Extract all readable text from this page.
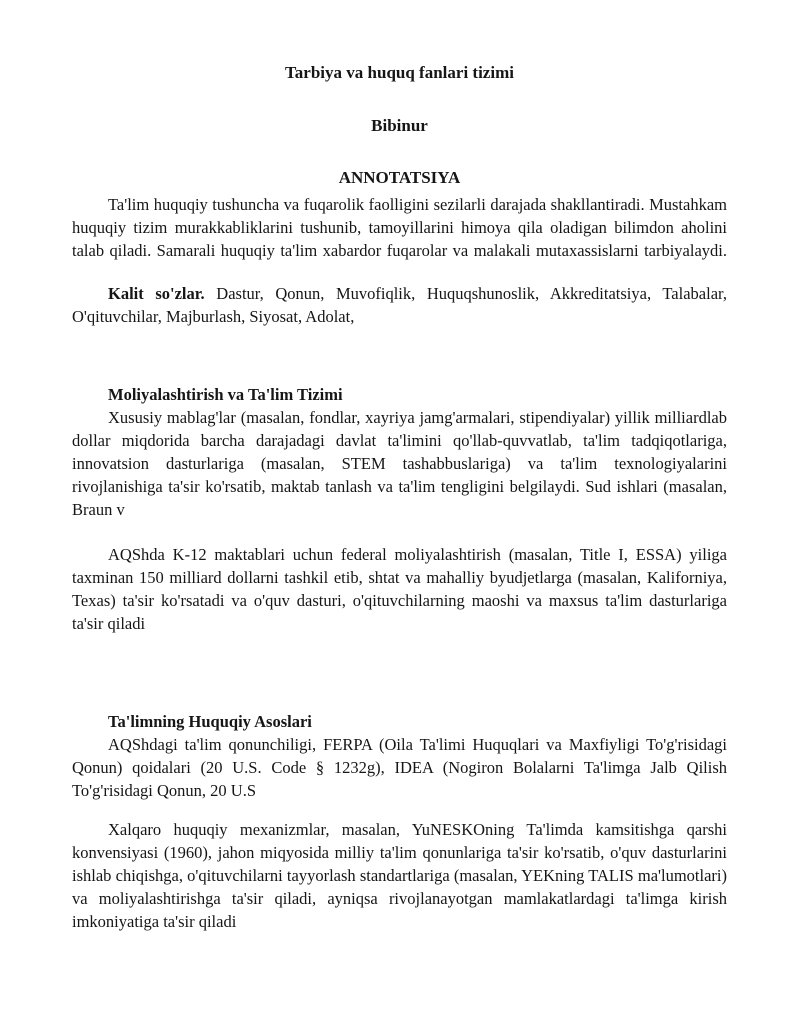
Tarbiya va huquq fanlari tizimi

Bibinur

ANNOTATSIYA

Ta'lim huquqiy tushuncha va fuqarolik faolligini sezilarli darajada shakllantiradi. Mustahkam huquqiy tizim murakkabliklarini tushunib, tamoyillarini himoya qila oladigan bilimdon aholini talab qiladi. Samarali huquqiy ta'lim xabardor fuqarolar va malakali mutaxassislarni tarbiyalaydi.

Kalit so'zlar. Dastur, Qonun, Muvofiqlik, Huquqshunoslik, Akkreditatsiya, Talabalar, O'qituvchilar, Majburlash, Siyosat, Adolat,

Moliyalashtirish va Ta'lim Tizimi

Xususiy mablag'lar (masalan, fondlar, xayriya jamg'armalari, stipendiyalar) yillik milliardlab dollar miqdorida barcha darajadagi davlat ta'limini qo'llab-quvvatlab, ta'lim tadqiqotlariga, innovatsion dasturlariga (masalan, STEM tashabbuslariga) va ta'lim texnologiyalarini rivojlanishiga ta'sir ko'rsatib, maktab tanlash va ta'lim tengligini belgilaydi. Sud ishlari (masalan, Braun v

AQShda K-12 maktablari uchun federal moliyalashtirish (masalan, Title I, ESSA) yiliga taxminan 150 milliard dollarni tashkil etib, shtat va mahalliy byudjetlarga (masalan, Kaliforniya, Texas) ta'sir ko'rsatadi va o'quv dasturi, o'qituvchilarning maoshi va maxsus ta'lim dasturlariga ta'sir qiladi

Ta'limning Huquqiy Asoslari

AQShdagi ta'lim qonunchiligi, FERPA (Oila Ta'limi Huquqlari va Maxfiyligi To'g'risidagi Qonun) qoidalari (20 U.S. Code § 1232g), IDEA (Nogiron Bolalarni Ta'limga Jalb Qilish To'g'risidagi Qonun, 20 U.S

Xalqaro huquqiy mexanizmlar, masalan, YuNESKOning Ta'limda kamsitishga qarshi konvensiyasi (1960), jahon miqyosida milliy ta'lim qonunlariga ta'sir ko'rsatib, o'quv dasturlarini ishlab chiqishga, o'qituvchilarni tayyorlash standartlariga (masalan, YEKning TALIS ma'lumotlari) va moliyalashtirishga ta'sir qiladi, ayniqsa rivojlanayotgan mamlakatlardagi ta'limga kirish imkoniyatiga ta'sir qiladi
